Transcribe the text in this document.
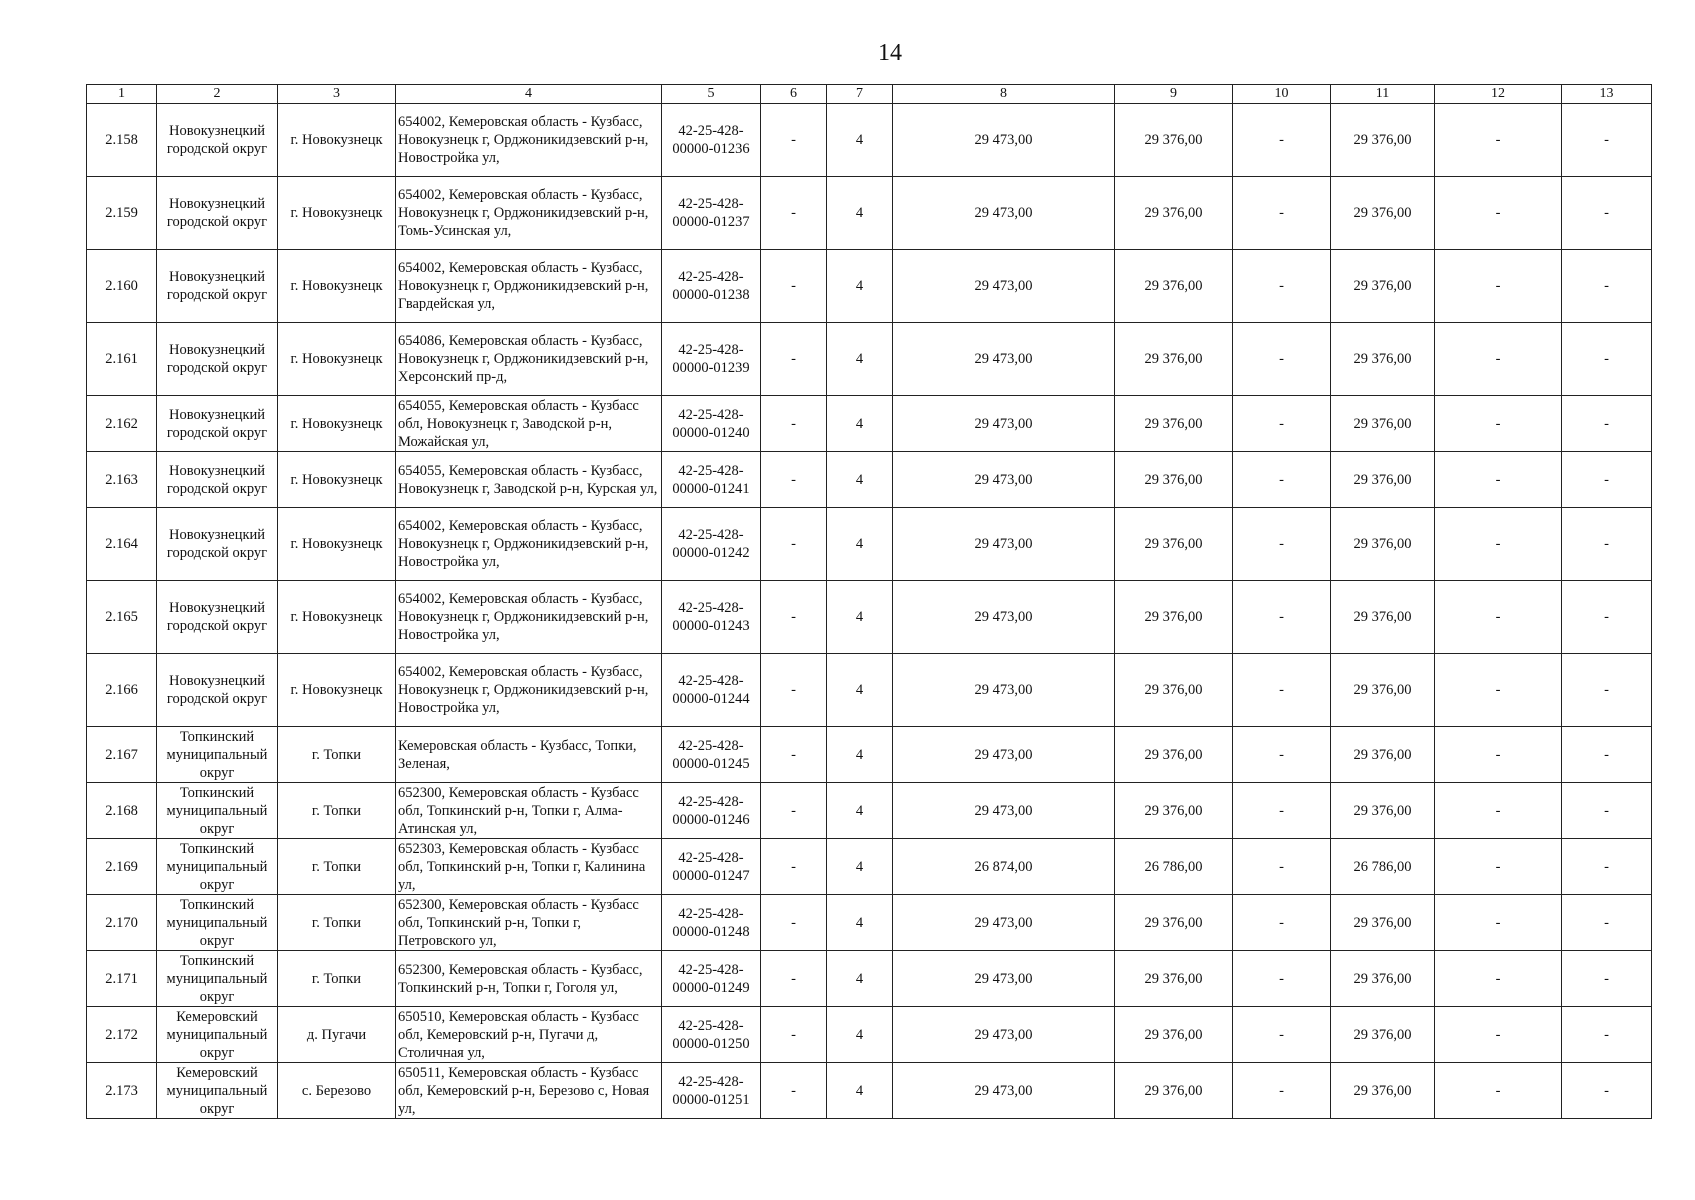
14
1	2	3	4	5	6	7	8	9	10	11	12	13
2.158	Новокузнецкий городской округ	г. Новокузнецк	654002, Кемеровская область - Кузбасс, Новокузнецк г, Орджоникидзевский р-н, Новостройка ул,	42-25-428-00000-01236	-	4	29 473,00	29 376,00	-	29 376,00	-	-
2.159	Новокузнецкий городской округ	г. Новокузнецк	654002, Кемеровская область - Кузбасс, Новокузнецк г, Орджоникидзевский р-н, Томь-Усинская ул,	42-25-428-00000-01237	-	4	29 473,00	29 376,00	-	29 376,00	-	-
2.160	Новокузнецкий городской округ	г. Новокузнецк	654002, Кемеровская область - Кузбасс, Новокузнецк г, Орджоникидзевский р-н, Гвардейская ул,	42-25-428-00000-01238	-	4	29 473,00	29 376,00	-	29 376,00	-	-
2.161	Новокузнецкий городской округ	г. Новокузнецк	654086, Кемеровская область - Кузбасс, Новокузнецк г, Орджоникидзевский р-н, Херсонский пр-д,	42-25-428-00000-01239	-	4	29 473,00	29 376,00	-	29 376,00	-	-
2.162	Новокузнецкий городской округ	г. Новокузнецк	654055, Кемеровская область - Кузбасс обл, Новокузнецк г, Заводской р-н, Можайская ул,	42-25-428-00000-01240	-	4	29 473,00	29 376,00	-	29 376,00	-	-
2.163	Новокузнецкий городской округ	г. Новокузнецк	654055, Кемеровская область - Кузбасс, Новокузнецк г, Заводской р-н, Курская ул,	42-25-428-00000-01241	-	4	29 473,00	29 376,00	-	29 376,00	-	-
2.164	Новокузнецкий городской округ	г. Новокузнецк	654002, Кемеровская область - Кузбасс, Новокузнецк г, Орджоникидзевский р-н, Новостройка ул,	42-25-428-00000-01242	-	4	29 473,00	29 376,00	-	29 376,00	-	-
2.165	Новокузнецкий городской округ	г. Новокузнецк	654002, Кемеровская область - Кузбасс, Новокузнецк г, Орджоникидзевский р-н, Новостройка ул,	42-25-428-00000-01243	-	4	29 473,00	29 376,00	-	29 376,00	-	-
2.166	Новокузнецкий городской округ	г. Новокузнецк	654002, Кемеровская область - Кузбасс, Новокузнецк г, Орджоникидзевский р-н, Новостройка ул,	42-25-428-00000-01244	-	4	29 473,00	29 376,00	-	29 376,00	-	-
2.167	Топкинский муниципальный округ	г. Топки	Кемеровская область - Кузбасс, Топки, Зеленая,	42-25-428-00000-01245	-	4	29 473,00	29 376,00	-	29 376,00	-	-
2.168	Топкинский муниципальный округ	г. Топки	652300, Кемеровская область - Кузбасс обл, Топкинский р-н, Топки г, Алма-Атинская ул,	42-25-428-00000-01246	-	4	29 473,00	29 376,00	-	29 376,00	-	-
2.169	Топкинский муниципальный округ	г. Топки	652303, Кемеровская область - Кузбасс обл, Топкинский р-н, Топки г, Калинина ул,	42-25-428-00000-01247	-	4	26 874,00	26 786,00	-	26 786,00	-	-
2.170	Топкинский муниципальный округ	г. Топки	652300, Кемеровская область - Кузбасс обл, Топкинский р-н, Топки г, Петровского ул,	42-25-428-00000-01248	-	4	29 473,00	29 376,00	-	29 376,00	-	-
2.171	Топкинский муниципальный округ	г. Топки	652300, Кемеровская область - Кузбасс, Топкинский р-н, Топки г, Гоголя ул,	42-25-428-00000-01249	-	4	29 473,00	29 376,00	-	29 376,00	-	-
2.172	Кемеровский муниципальный округ	д. Пугачи	650510, Кемеровская область - Кузбасс обл, Кемеровский р-н, Пугачи д, Столичная ул,	42-25-428-00000-01250	-	4	29 473,00	29 376,00	-	29 376,00	-	-
2.173	Кемеровский муниципальный округ	с. Березово	650511, Кемеровская область - Кузбасс обл, Кемеровский р-н, Березово с, Новая ул,	42-25-428-00000-01251	-	4	29 473,00	29 376,00	-	29 376,00	-	-
